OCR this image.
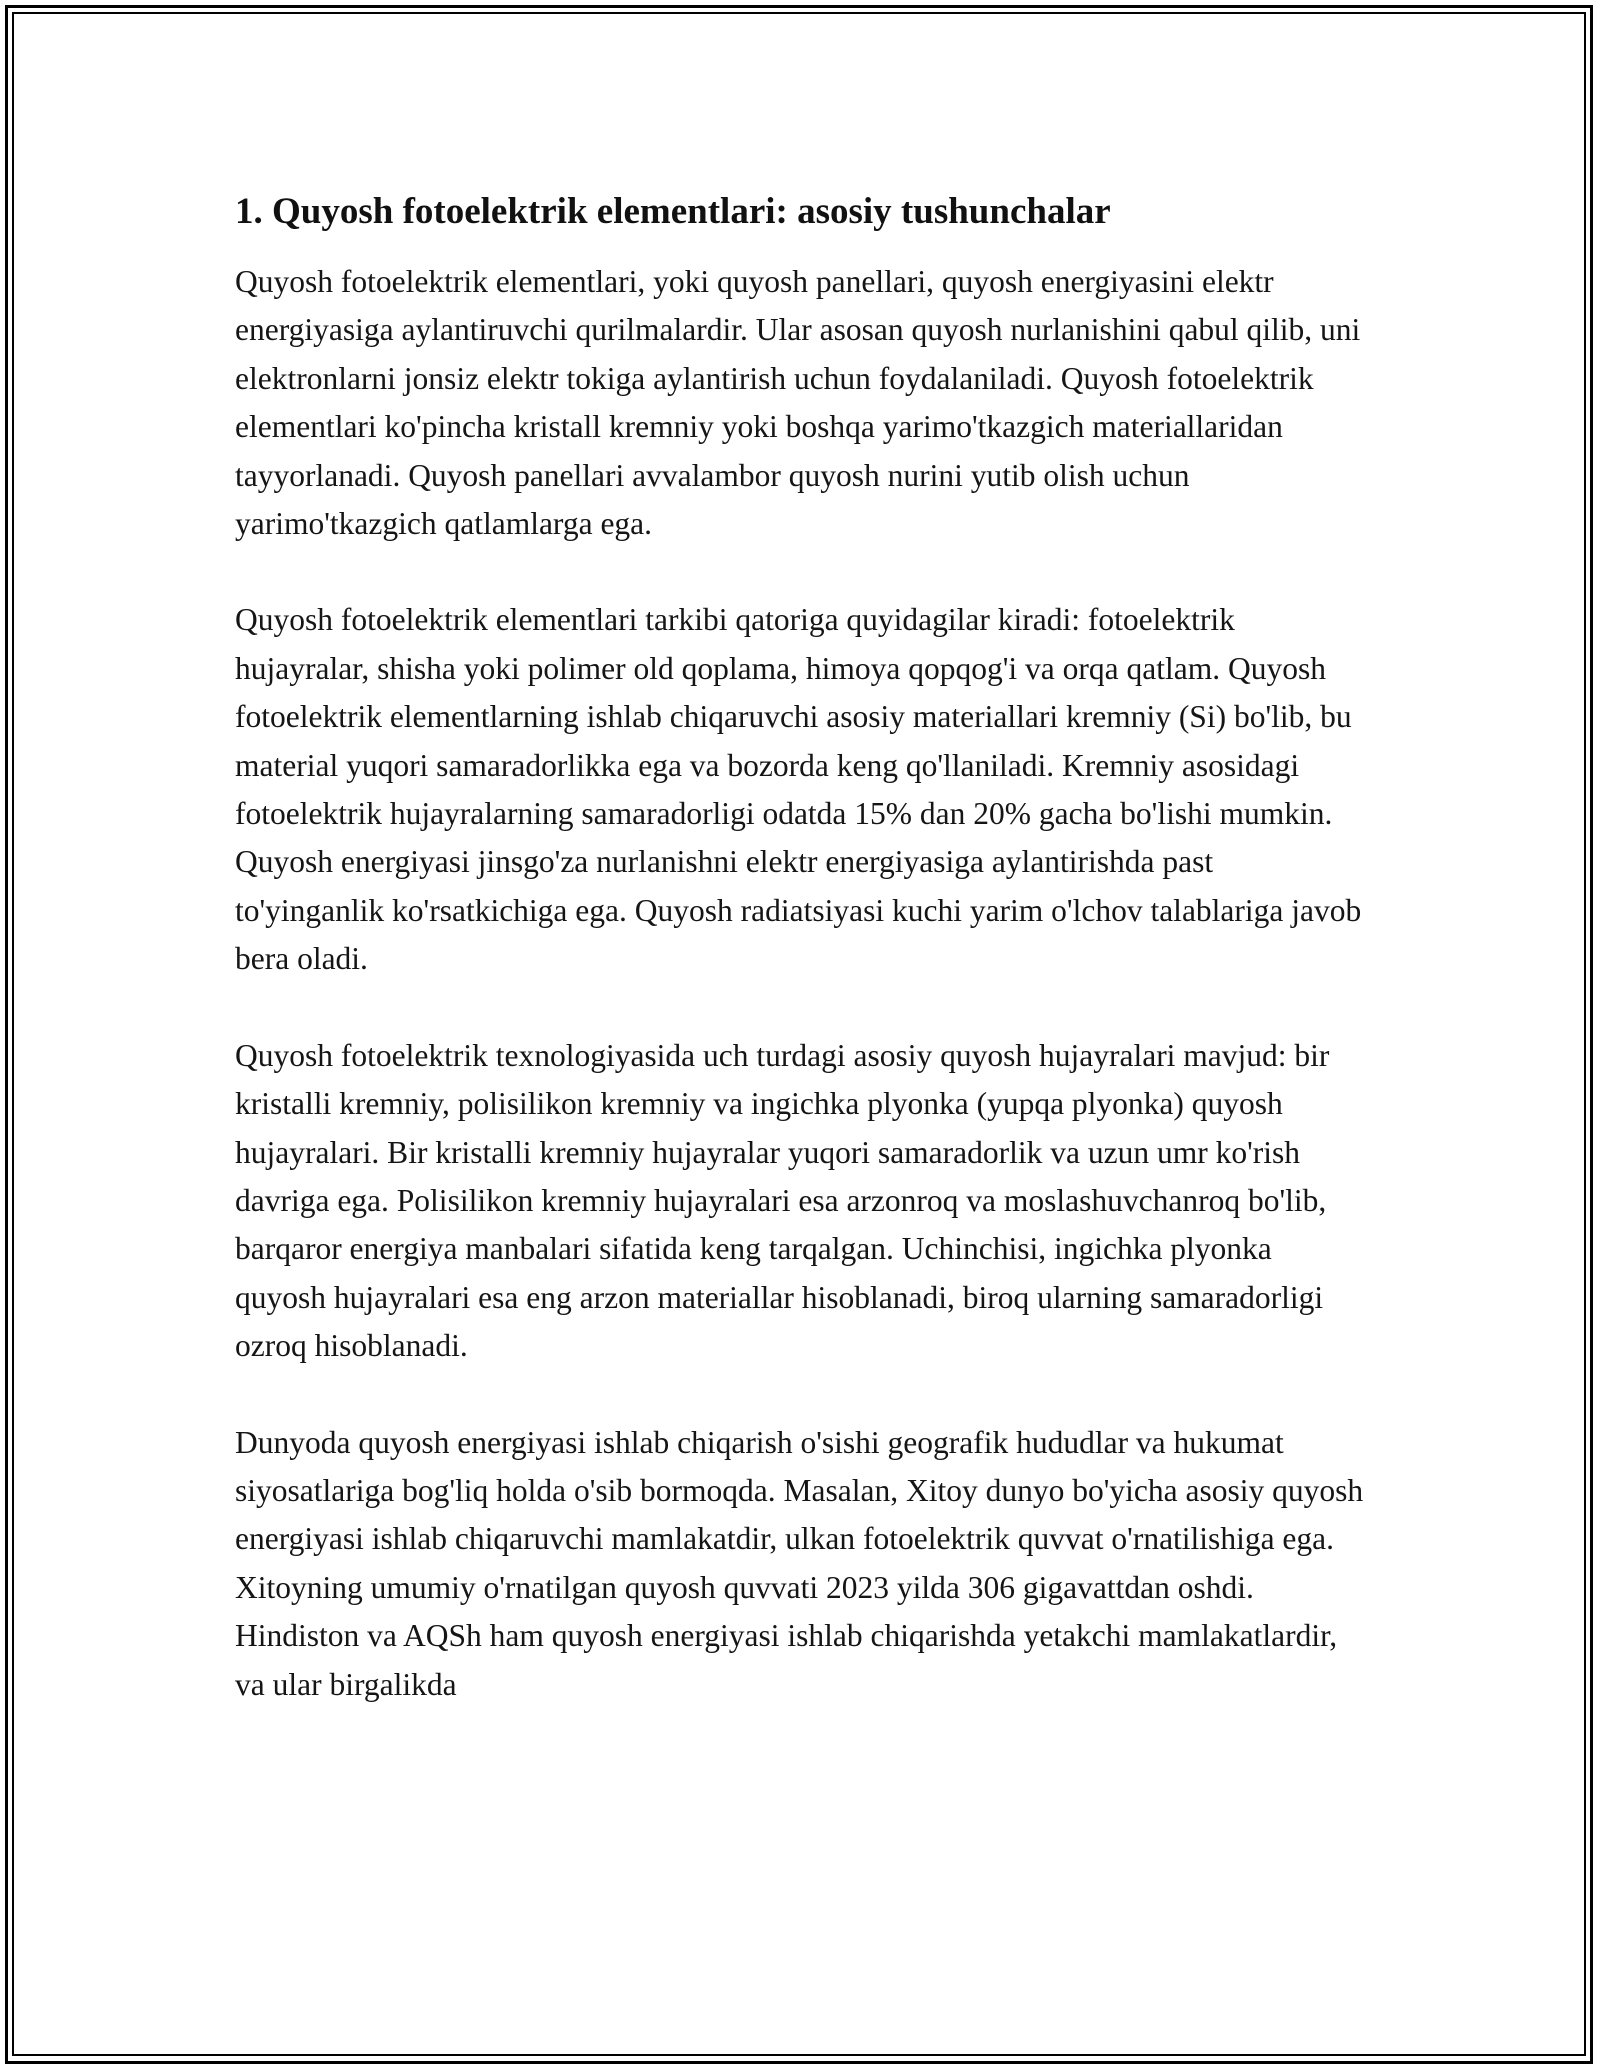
1. Quyosh fotoelektrik elementlari: asosiy tushunchalar

Quyosh fotoelektrik elementlari, yoki quyosh panellari, quyosh energiyasini elektr energiyasiga aylantiruvchi qurilmalardir. Ular asosan quyosh nurlanishini qabul qilib, uni elektronlarni jonsiz elektr tokiga aylantirish uchun foydalaniladi. Quyosh fotoelektrik elementlari ko'pincha kristall kremniy yoki boshqa yarimo'tkazgich materiallaridan tayyorlanadi. Quyosh panellari avvalambor quyosh nurini yutib olish uchun yarimo'tkazgich qatlamlarga ega.

Quyosh fotoelektrik elementlari tarkibi qatoriga quyidagilar kiradi: fotoelektrik hujayralar, shisha yoki polimer old qoplama, himoya qopqog'i va orqa qatlam. Quyosh fotoelektrik elementlarning ishlab chiqaruvchi asosiy materiallari kremniy (Si) bo'lib, bu material yuqori samaradorlikka ega va bozorda keng qo'llaniladi. Kremniy asosidagi fotoelektrik hujayralarning samaradorligi odatda 15% dan 20% gacha bo'lishi mumkin. Quyosh energiyasi jinsgo'za nurlanishni elektr energiyasiga aylantirishda past to'yinganlik ko'rsatkichiga ega. Quyosh radiatsiyasi kuchi yarim o'lchov talablariga javob bera oladi.

Quyosh fotoelektrik texnologiyasida uch turdagi asosiy quyosh hujayralari mavjud: bir kristalli kremniy, polisilikon kremniy va ingichka plyonka (yupqa plyonka) quyosh hujayralari. Bir kristalli kremniy hujayralar yuqori samaradorlik va uzun umr ko'rish davriga ega. Polisilikon kremniy hujayralari esa arzonroq va moslashuvchanroq bo'lib, barqaror energiya manbalari sifatida keng tarqalgan. Uchinchisi, ingichka plyonka quyosh hujayralari esa eng arzon materiallar hisoblanadi, biroq ularning samaradorligi ozroq hisoblanadi.

Dunyoda quyosh energiyasi ishlab chiqarish o'sishi geografik hududlar va hukumat siyosatlariga bog'liq holda o'sib bormoqda. Masalan, Xitoy dunyo bo'yicha asosiy quyosh energiyasi ishlab chiqaruvchi mamlakatdir, ulkan fotoelektrik quvvat o'rnatilishiga ega. Xitoyning umumiy o'rnatilgan quyosh quvvati 2023 yilda 306 gigavattdan oshdi. Hindiston va AQSh ham quyosh energiyasi ishlab chiqarishda yetakchi mamlakatlardir, va ular birgalikda
